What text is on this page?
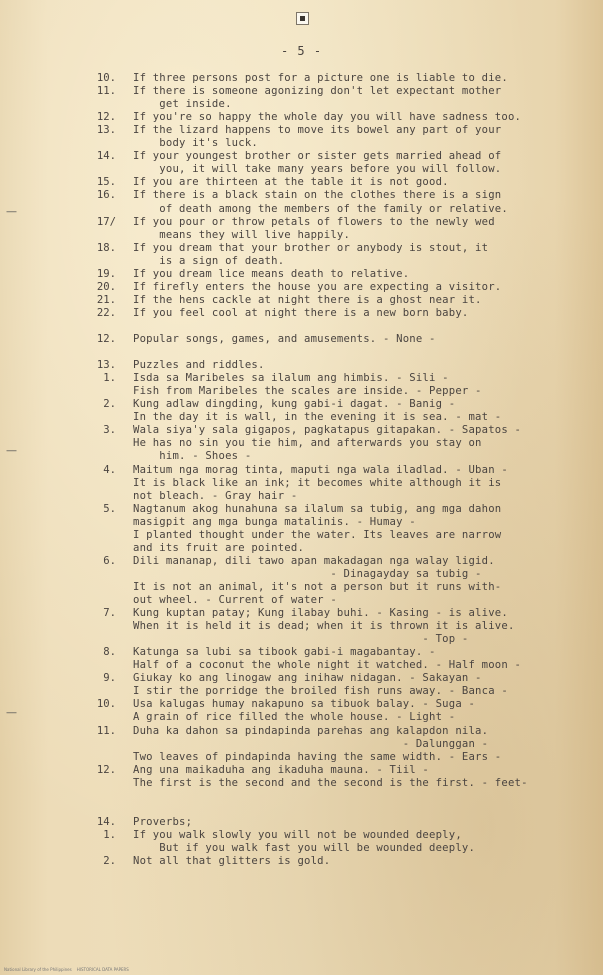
- 5 -
10. If three persons post for a picture one is liable to die.
11. If there is someone agonizing don't let expectant mother
get inside.
12. If you're so happy the whole day you will have sadness too.
13. If the lizard happens to move its bowel any part of your
body it's luck.
14. If your youngest brother or sister gets married ahead of
you, it will take many years before you will follow.
15. If you are thirteen at the table it is not good.
16. If there is a black stain on the clothes there is a sign
of death among the members of the family or relative.
17/ If you pour or throw petals of flowers to the newly wed
means they will live happily.
18. If you dream that your brother or anybody is stout, it
is a sign of death.
19. If you dream lice means death to relative.
20. If firefly enters the house you are expecting a visitor.
21. If the hens cackle at night there is a ghost near it.
22. If you feel cool at night there is a new born baby.
12. Popular songs, games, and amusements. - None -
13. Puzzles and riddles.
1. Isda sa Maribeles sa ilalum ang himbis. - Sili -
Fish from Maribeles the scales are inside. - Pepper -
2. Kung adlaw dingding, kung gabi-i dagat. - Banig -
In the day it is wall, in the evening it is sea. - mat -
3. Wala siya'y sala gigapos, pagkatapus gitapakan. - Sapatos -
He has no sin you tie him, and afterwards you stay on
him. - Shoes -
4. Maitum nga morag tinta, maputi nga wala iladlad. - Uban -
It is black like an ink; it becomes white although it is
not bleach. - Gray hair -
5. Nagtanum akog hunahuna sa ilalum sa tubig, ang mga dahon
masigpit ang mga bunga matalinis. - Humay -
I planted thought under the water. Its leaves are narrow
and its fruit are pointed.
6. Dili mananap, dili tawo apan makadagan nga walay ligid.
- Dinagayday sa tubig -
It is not an animal, it's not a person but it runs with-
out wheel. - Current of water -
7. Kung kuptan patay; Kung ilabay buhi. - Kasing - is alive.
When it is held it is dead; when it is thrown it is alive.
- Top -
8. Katunga sa lubi sa tibook gabi-i magabantay. -
Half of a coconut the whole night it watched. - Half moon -
9. Giukay ko ang linogaw ang inihaw nidagan. - Sakayan -
I stir the porridge the broiled fish runs away. - Banca -
10. Usa kalugas humay nakapuno sa tibuok balay. - Suga -
A grain of rice filled the whole house. - Light -
11. Duha ka dahon sa pindapinda parehas ang kalapdon nila.
- Dalunggan -
Two leaves of pindapinda having the same width. - Ears -
12. Ang una maikaduha ang ikaduha mauna. - Tiil -
The first is the second and the second is the first. - feet-
14. Proverbs;
1. If you walk slowly you will not be wounded deeply,
But if you walk fast you will be wounded deeply.
2. Not all that glitters is gold.
—
—
—
National Library of the Philippines    HISTORICAL DATA PAPERS
